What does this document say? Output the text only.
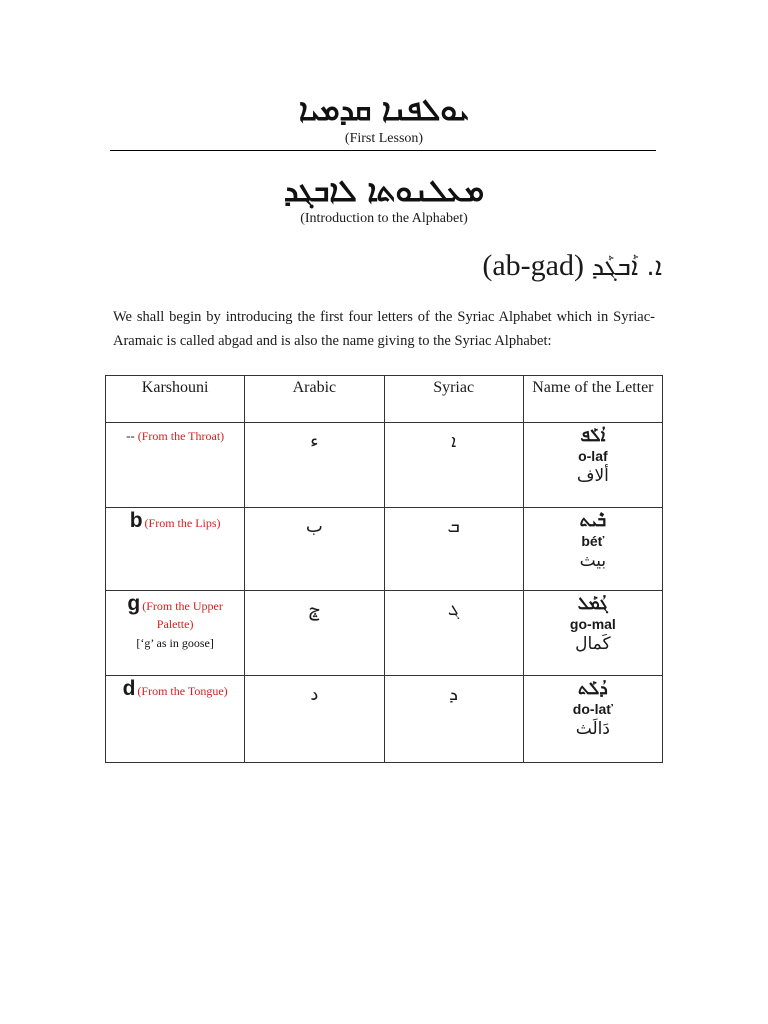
ܝܘܠܦܢܐ ܩܕܡܝܐ
(First Lesson)
ܡܥܠܢܘܬܐ ܠܐܒܓܕ
(Introduction to the Alphabet)
(ab-gad) ܐ. ܐܰܒܓܰܕ
We shall begin by introducing the first four letters of the Syriac Alphabet which in Syriac-Aramaic is called abgad and is also the name giving to the Syriac Alphabet:
Karshouni	Arabic	Syriac	Name of the Letter
-- (From the Throat)	ء	ܐ	ܐܳܠܰܦ
o-laf
ألاف

b (From the Lips)	ب	ܒ	ܒܶܝܬ
béť
بيث

g (From the Upper Palette)
[‘g’ as in goose]	ݘ	ܓ	ܓܳܡܰܠ
go-mal
كَمال

d (From the Tongue)	د	ܕ	ܕܳܠܰܬ
do-lať
دَالَث
